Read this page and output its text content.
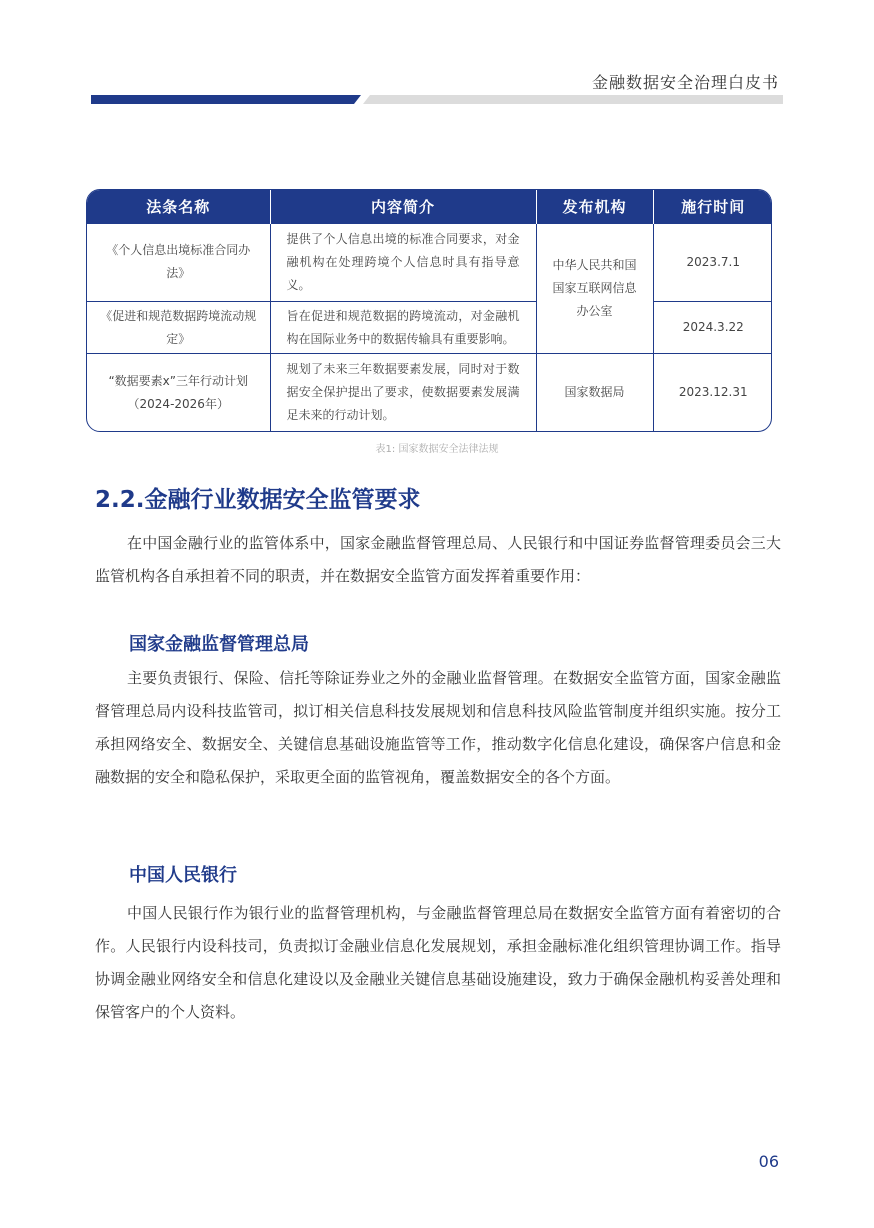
金融数据安全治理白皮书
法条名称	内容简介	发布机构	施行时间
《个人信息出境标准合同办法》	提供了个人信息出境的标准合同要求，对金融机构在处理跨境个人信息时具有指导意义。	中华人民共和国国家互联网信息办公室	2023.7.1
《促进和规范数据跨境流动规定》	旨在促进和规范数据的跨境流动，对金融机构在国际业务中的数据传输具有重要影响。		2024.3.22
“数据要素x”三年行动计划（2024-2026年）	规划了未来三年数据要素发展，同时对于数据安全保护提出了要求，使数据要素发展满足未来的行动计划。	国家数据局	2023.12.31
表1: 国家数据安全法律法规
2.2.金融行业数据安全监管要求

在中国金融行业的监管体系中，国家金融监督管理总局、人民银行和中国证券监督管理委员会三大监管机构各自承担着不同的职责，并在数据安全监管方面发挥着重要作用：

国家金融监督管理总局

主要负责银行、保险、信托等除证券业之外的金融业监督管理。在数据安全监管方面，国家金融监督管理总局内设科技监管司，拟订相关信息科技发展规划和信息科技风险监管制度并组织实施。按分工承担网络安全、数据安全、关键信息基础设施监管等工作，推动数字化信息化建设，确保客户信息和金融数据的安全和隐私保护，采取更全面的监管视角，覆盖数据安全的各个方面。

中国人民银行

中国人民银行作为银行业的监督管理机构，与金融监督管理总局在数据安全监管方面有着密切的合作。人民银行内设科技司，负责拟订金融业信息化发展规划，承担金融标准化组织管理协调工作。指导协调金融业网络安全和信息化建设以及金融业关键信息基础设施建设，致力于确保金融机构妥善处理和保管客户的个人资料。

06
